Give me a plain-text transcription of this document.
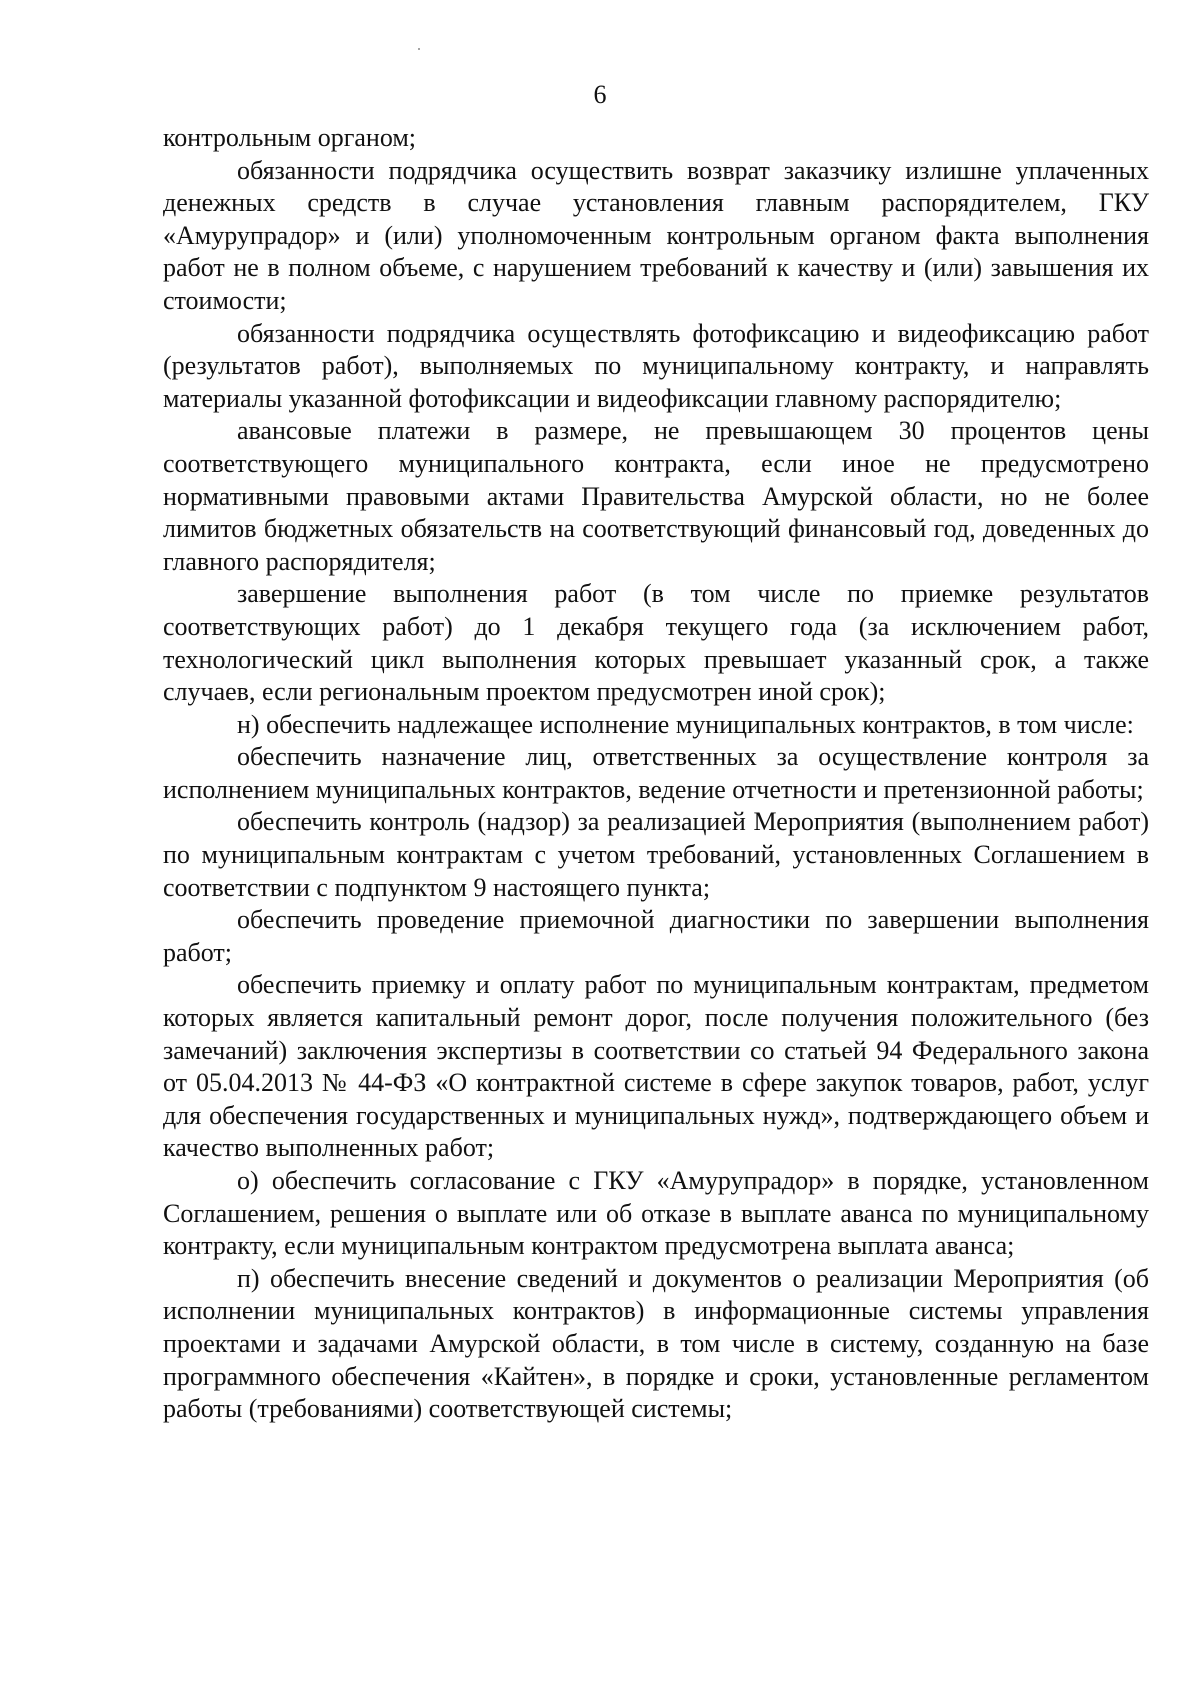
6

контрольным органом;

обязанности подрядчика осуществить возврат заказчику излишне уплаченных денежных средств в случае установления главным распорядителем, ГКУ «Амурупрадор» и (или) уполномоченным контрольным органом факта выполнения работ не в полном объеме, с нарушением требований к качеству и (или) завышения их стоимости;

обязанности подрядчика осуществлять фотофиксацию и видеофиксацию работ (результатов работ), выполняемых по муниципальному контракту, и направлять материалы указанной фотофиксации и видеофиксации главному распорядителю;

авансовые платежи в размере, не превышающем 30 процентов цены соответствующего муниципального контракта, если иное не предусмотрено нормативными правовыми актами Правительства Амурской области, но не более лимитов бюджетных обязательств на соответствующий финансовый год, доведенных до главного распорядителя;

завершение выполнения работ (в том числе по приемке результатов соответствующих работ) до 1 декабря текущего года (за исключением работ, технологический цикл выполнения которых превышает указанный срок, а также случаев, если региональным проектом предусмотрен иной срок);

н) обеспечить надлежащее исполнение муниципальных контрактов, в том числе:

обеспечить назначение лиц, ответственных за осуществление контроля за исполнением муниципальных контрактов, ведение отчетности и претензионной работы;

обеспечить контроль (надзор) за реализацией Мероприятия (выполнением работ) по муниципальным контрактам с учетом требований, установленных Соглашением в соответствии с подпунктом 9 настоящего пункта;

обеспечить проведение приемочной диагностики по завершении выполнения работ;

обеспечить приемку и оплату работ по муниципальным контрактам, предметом которых является капитальный ремонт дорог, после получения положительного (без замечаний) заключения экспертизы в соответствии со статьей 94 Федерального закона от 05.04.2013 № 44-ФЗ «О контрактной системе в сфере закупок товаров, работ, услуг для обеспечения государственных и муниципальных нужд», подтверждающего объем и качество выполненных работ;

о) обеспечить согласование с ГКУ «Амурупрадор» в порядке, установленном Соглашением, решения о выплате или об отказе в выплате аванса по муниципальному контракту, если муниципальным контрактом предусмотрена выплата аванса;

п) обеспечить внесение сведений и документов о реализации Мероприятия (об исполнении муниципальных контрактов) в информационные системы управления проектами и задачами Амурской области, в том числе в систему, созданную на базе программного обеспечения «Кайтен», в порядке и сроки, установленные регламентом работы (требованиями) соответствующей системы;
